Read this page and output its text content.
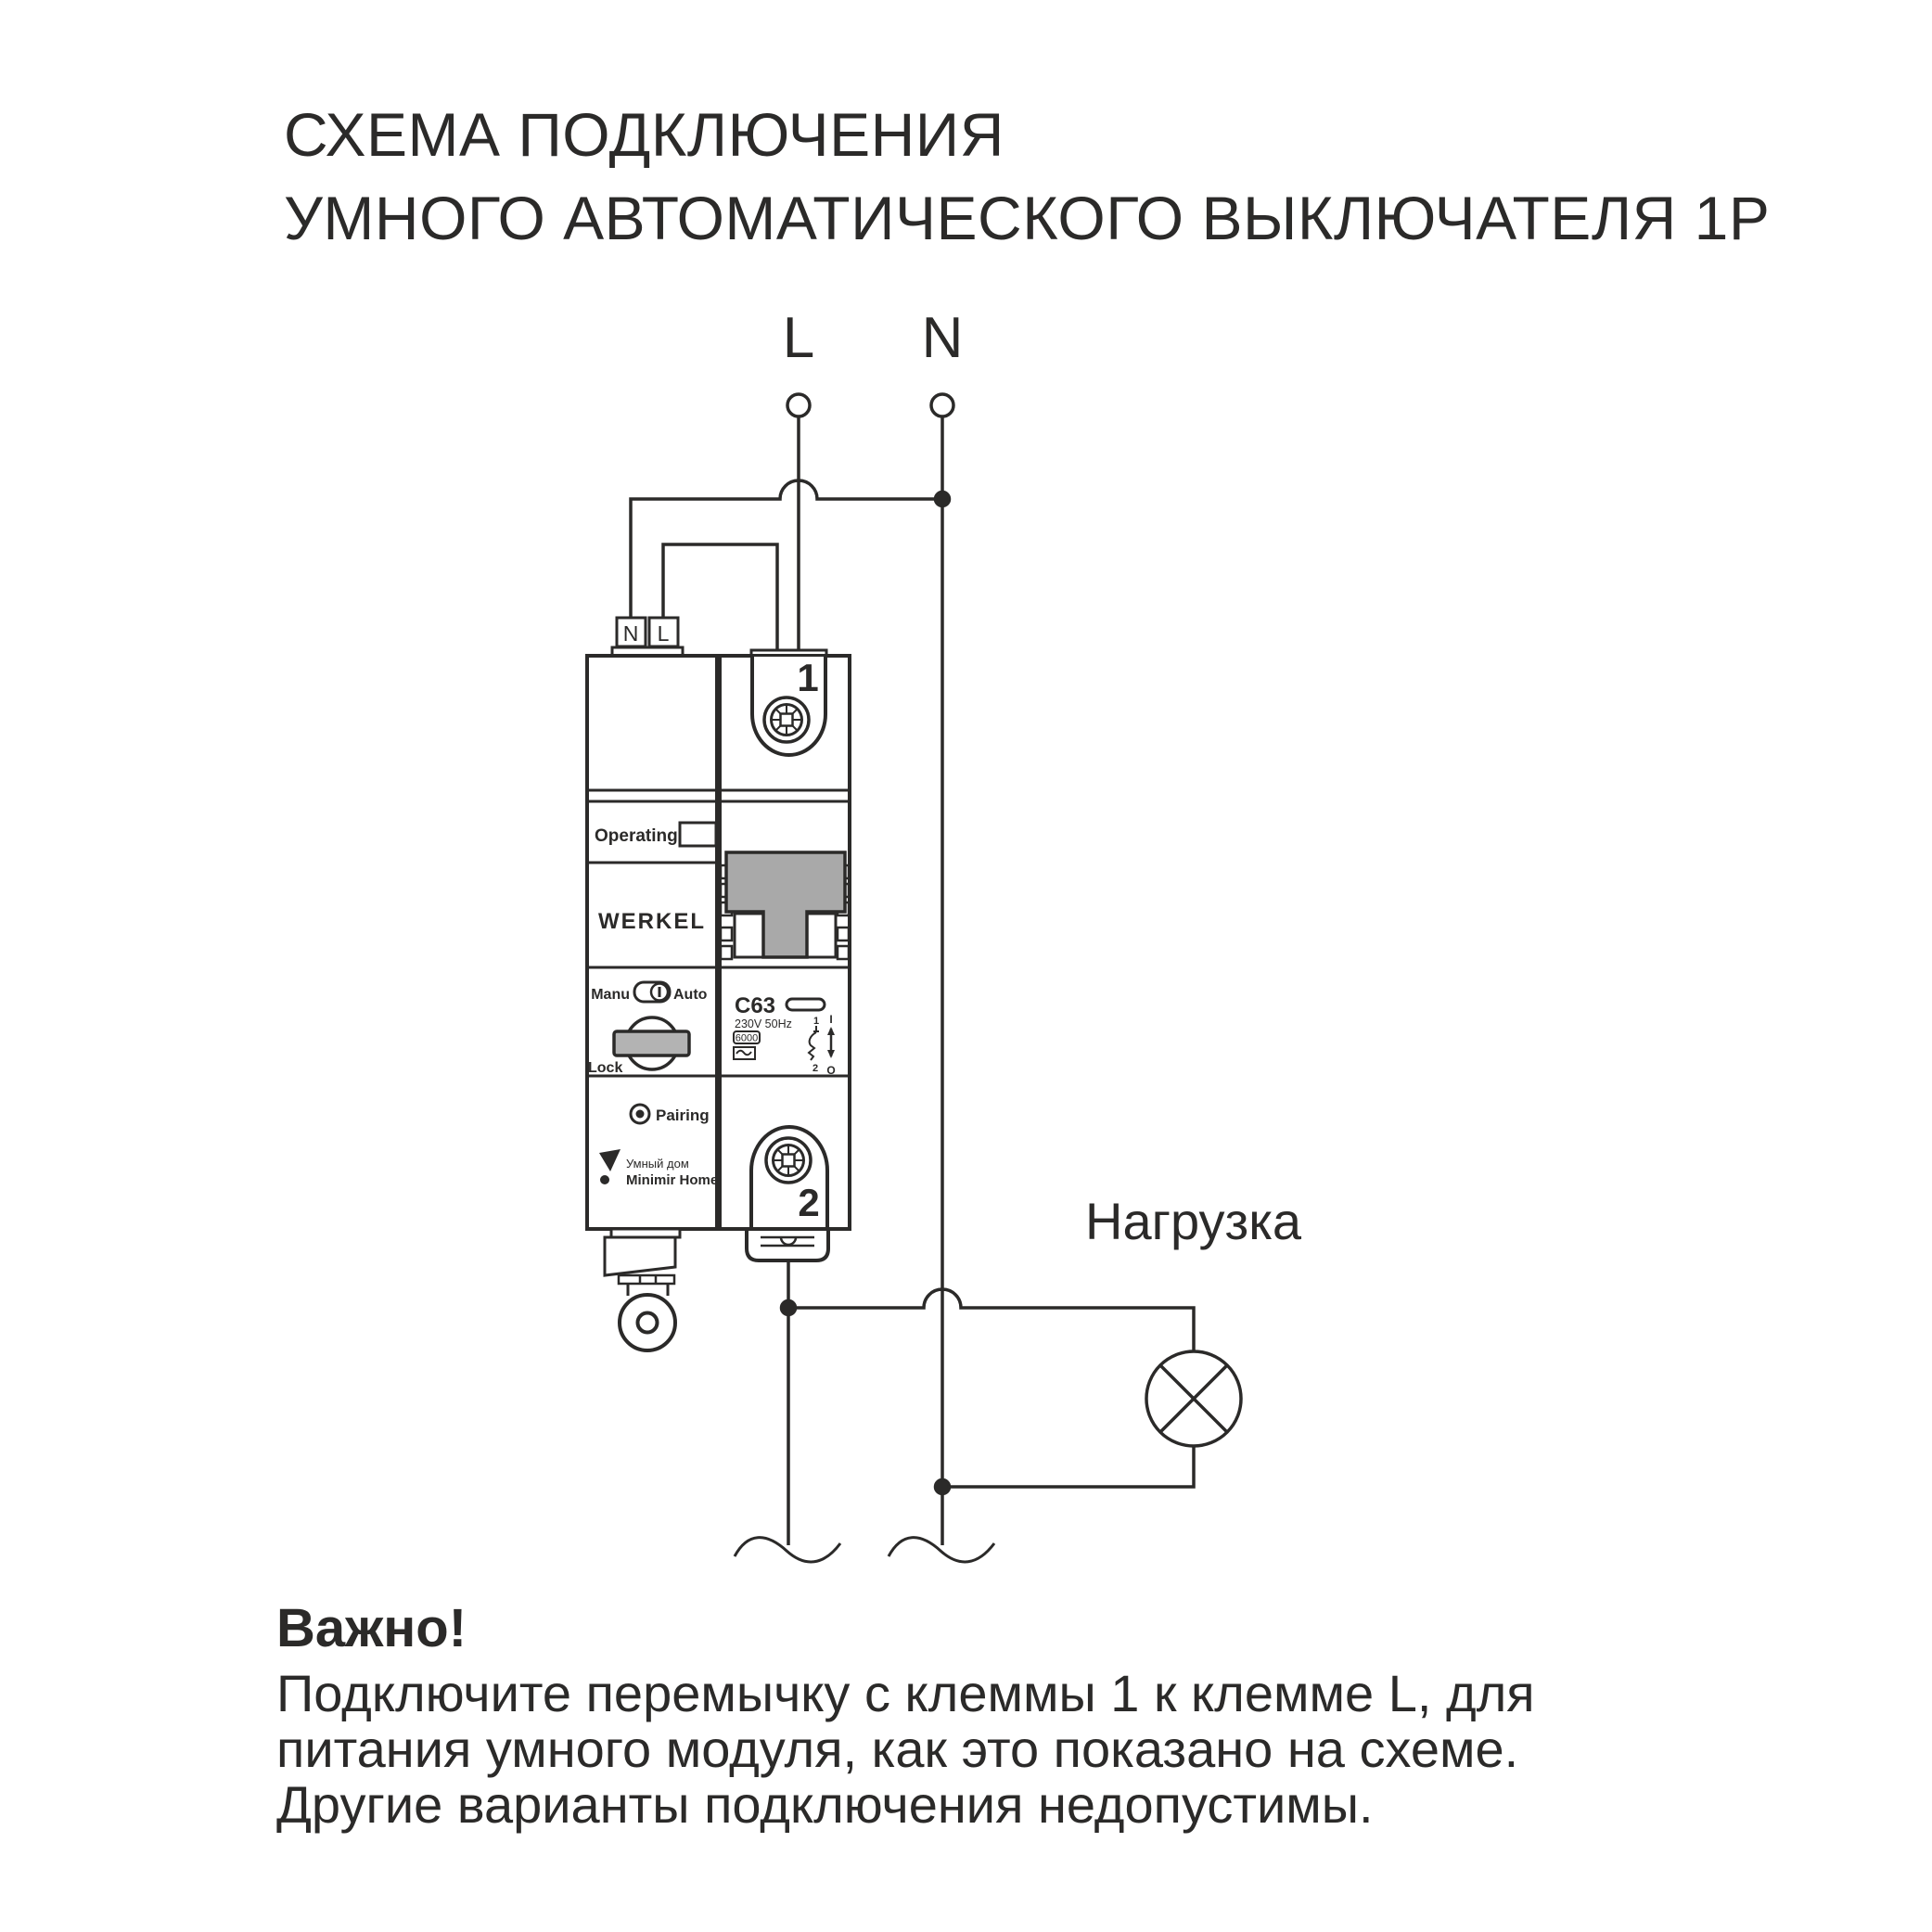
СХЕМА ПОДКЛЮЧЕНИЯ
УМНОГО АВТОМАТИЧЕСКОГО ВЫКЛЮЧАТЕЛЯ 1P
L	N
Нагрузка
Важно!
Подключите перемычку с клеммы 1 к клемме L, для
питания умного модуля, как это показано на схеме.
Другие варианты подключения недопустимы.
N L
Operating
WERKEL
Manu	Auto
Lock
Pairing
Умный дом
Minimir Home
1
C63
230V 50Hz
6000
1
2
I
O
2
